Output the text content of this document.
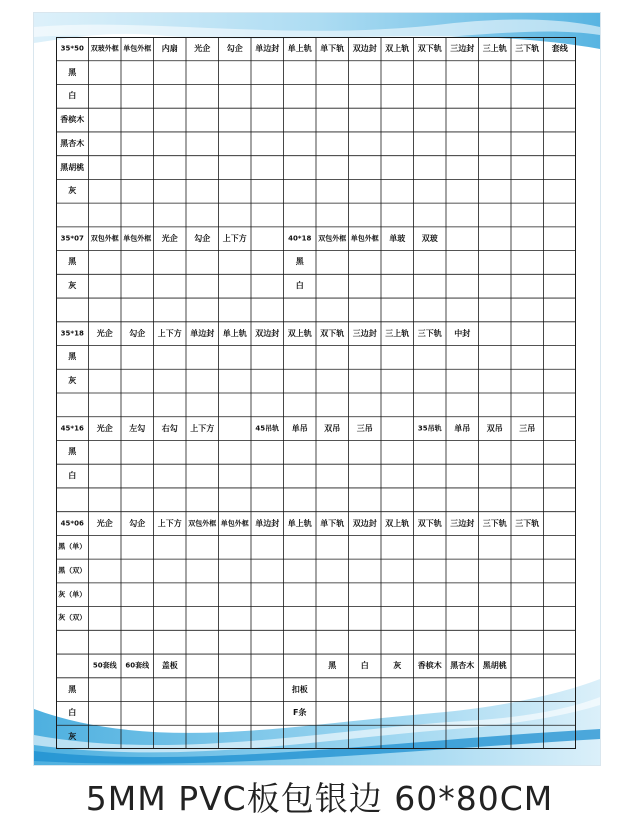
35*50 双玻外框 单包外框 内扇 光企 勾企 单边封 单上轨 单下轨 双边封 双上轨 双下轨 三边封 三上轨 三下轨 套线
黑
白
香槟木
黑杏木
黑胡桃
灰
35*07 双包外框 单包外框 光企 勾企 上下方	40*18 双包外框 单包外框 单玻 双玻
黑	黑
灰	白
35*18 光企 勾企 上下方 单边封 单上轨 双边封 双上轨 双下轨 三边封 三上轨 三下轨 中封
黑
灰
45*16 光企 左勾 右勾 上下方	45吊轨 单吊 双吊 三吊	35吊轨 单吊 双吊 三吊
黑
白
45*06 光企 勾企 上下方 双包外框 单包外框 单边封 单上轨 单下轨 双边封 双上轨 双下轨 三边封 三下轨 三下轨
黑（单）
黑（双）
灰（单）
灰（双）
50套线 60套线 盖板	黑	白	灰 香槟木 黑杏木 黑胡桃
黑	扣板
白	F条
灰
5MM PVC板包银边 60*80CM
